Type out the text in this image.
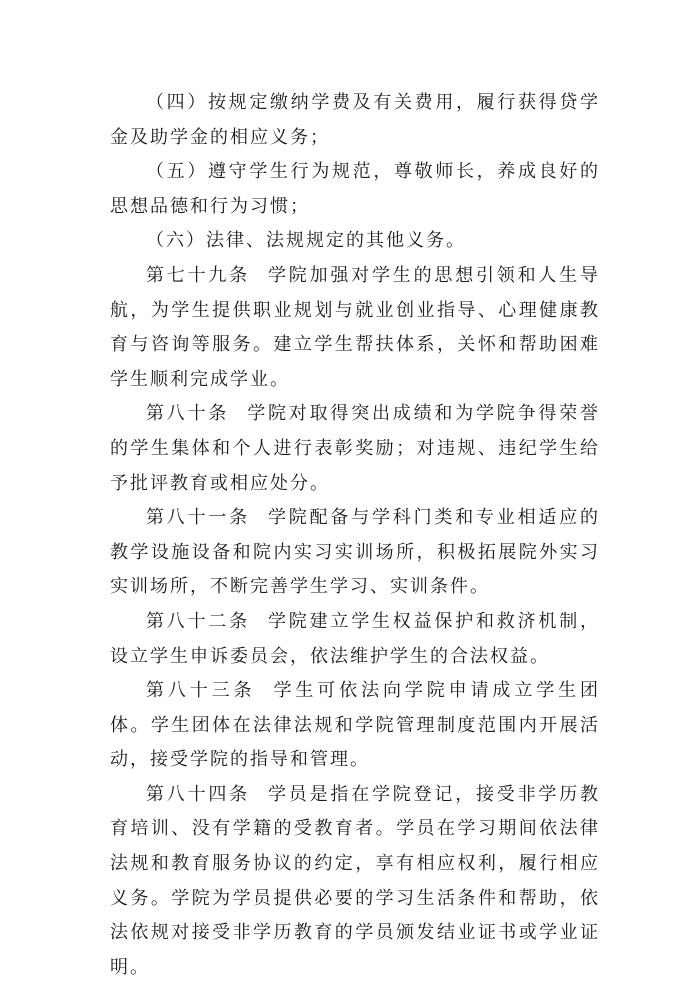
（四）按规定缴纳学费及有关费用，履行获得贷学金及助学金的相应义务；

（五）遵守学生行为规范，尊敬师长，养成良好的思想品德和行为习惯；

（六）法律、法规规定的其他义务。

第七十九条 学院加强对学生的思想引领和人生导航，为学生提供职业规划与就业创业指导、心理健康教育与咨询等服务。建立学生帮扶体系，关怀和帮助困难学生顺利完成学业。

第八十条 学院对取得突出成绩和为学院争得荣誉的学生集体和个人进行表彰奖励；对违规、违纪学生给予批评教育或相应处分。

第八十一条 学院配备与学科门类和专业相适应的教学设施设备和院内实习实训场所，积极拓展院外实习实训场所，不断完善学生学习、实训条件。

第八十二条 学院建立学生权益保护和救济机制，设立学生申诉委员会，依法维护学生的合法权益。

第八十三条 学生可依法向学院申请成立学生团体。学生团体在法律法规和学院管理制度范围内开展活动，接受学院的指导和管理。

第八十四条 学员是指在学院登记，接受非学历教育培训、没有学籍的受教育者。学员在学习期间依法律法规和教育服务协议的约定，享有相应权利，履行相应义务。学院为学员提供必要的学习生活条件和帮助，依法依规对接受非学历教育的学员颁发结业证书或学业证明。
